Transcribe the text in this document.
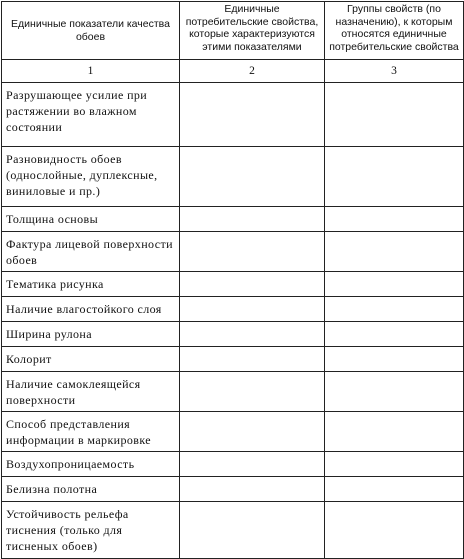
Единичные показатели качества обоев	Единичные потребительские свойства, которые характеризуются этими показателями	Группы свойств (по назначению), к которым относятся единичные потребительские свойства
1	2	3
Разрушающее усилие при растяжении во влажном состоянии		
Разновидность обоев (однослойные, дуплексные, виниловые и пр.)		
Толщина основы		
Фактура лицевой поверхности обоев		
Тематика рисунка		
Наличие влагостойкого слоя		
Ширина рулона		
Колорит		
Наличие самоклеящейся поверхности		
Способ представления информации в маркировке		
Воздухопроницаемость		
Белизна полотна		
Устойчивость рельефа тиснения (только для тисненых обоев)		
